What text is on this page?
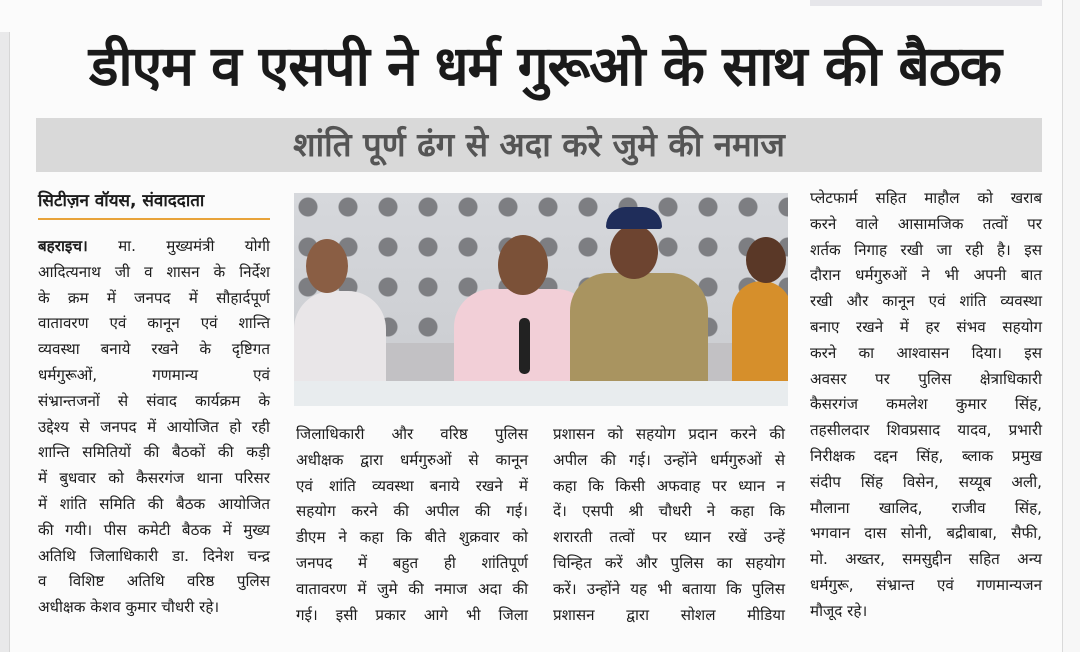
डीएम व एसपी ने धर्म गुरूओ के साथ की बैठक
शांति पूर्ण ढंग से अदा करे जुमे की नमाज
सिटीज़न वॉयस, संवाददाता

बहराइच। मा. मुख्यमंत्री योगी

आदित्यनाथ जी व शासन के निर्देश

के क्रम में जनपद में सौहार्दपूर्ण

वातावरण एवं कानून एवं शान्ति

व्यवस्था बनाये रखने के दृष्टिगत

धर्मगुरूओं, गणमान्य एवं

संभ्रान्तजनों से संवाद कार्यक्रम के

उद्देश्य से जनपद में आयोजित हो रही

शान्ति समितियों की बैठकों की कड़ी

में बुधवार को कैसरगंज थाना परिसर

में शांति समिति की बैठक आयोजित

की गयी। पीस कमेटी बैठक में मुख्य

अतिथि जिलाधिकारी डा. दिनेश चन्द्र

व विशिष्ट अतिथि वरिष्ठ पुलिस

अधीक्षक केशव कुमार चौधरी रहे।

जिलाधिकारी और वरिष्ठ पुलिस

अधीक्षक द्वारा धर्मगुरुओं से कानून

एवं शांति व्यवस्था बनाये रखने में

सहयोग करने की अपील की गई।

डीएम ने कहा कि बीते शुक्रवार को

जनपद में बहुत ही शांतिपूर्ण

वातावरण में जुमे की नमाज अदा की

गई। इसी प्रकार आगे भी जिला

प्रशासन को सहयोग प्रदान करने की

अपील की गई। उन्होंने धर्मगुरुओं से

कहा कि किसी अफवाह पर ध्यान न

दें। एसपी श्री चौधरी ने कहा कि

शरारती तत्वों पर ध्यान रखें उन्हें

चिन्हित करें और पुलिस का सहयोग

करें। उन्होंने यह भी बताया कि पुलिस

प्रशासन द्वारा सोशल मीडिया

प्लेटफार्म सहित माहौल को खराब

करने वाले आसामजिक तत्वों पर

शर्तक निगाह रखी जा रही है। इस

दौरान धर्मगुरुओं ने भी अपनी बात

रखी और कानून एवं शांति व्यवस्था

बनाए रखने में हर संभव सहयोग

करने का आश्वासन दिया। इस

अवसर पर पुलिस क्षेत्राधिकारी

कैसरगंज कमलेश कुमार सिंह,

तहसीलदार शिवप्रसाद यादव, प्रभारी

निरीक्षक दद्दन सिंह, ब्लाक प्रमुख

संदीप सिंह विसेन, सय्यूब अली,

मौलाना खालिद, राजीव सिंह,

भगवान दास सोनी, बद्रीबाबा, सैफी,

मो. अख्तर, समसुद्दीन सहित अन्य

धर्मगुरू, संभ्रान्त एवं गणमान्यजन

मौजूद रहे।
